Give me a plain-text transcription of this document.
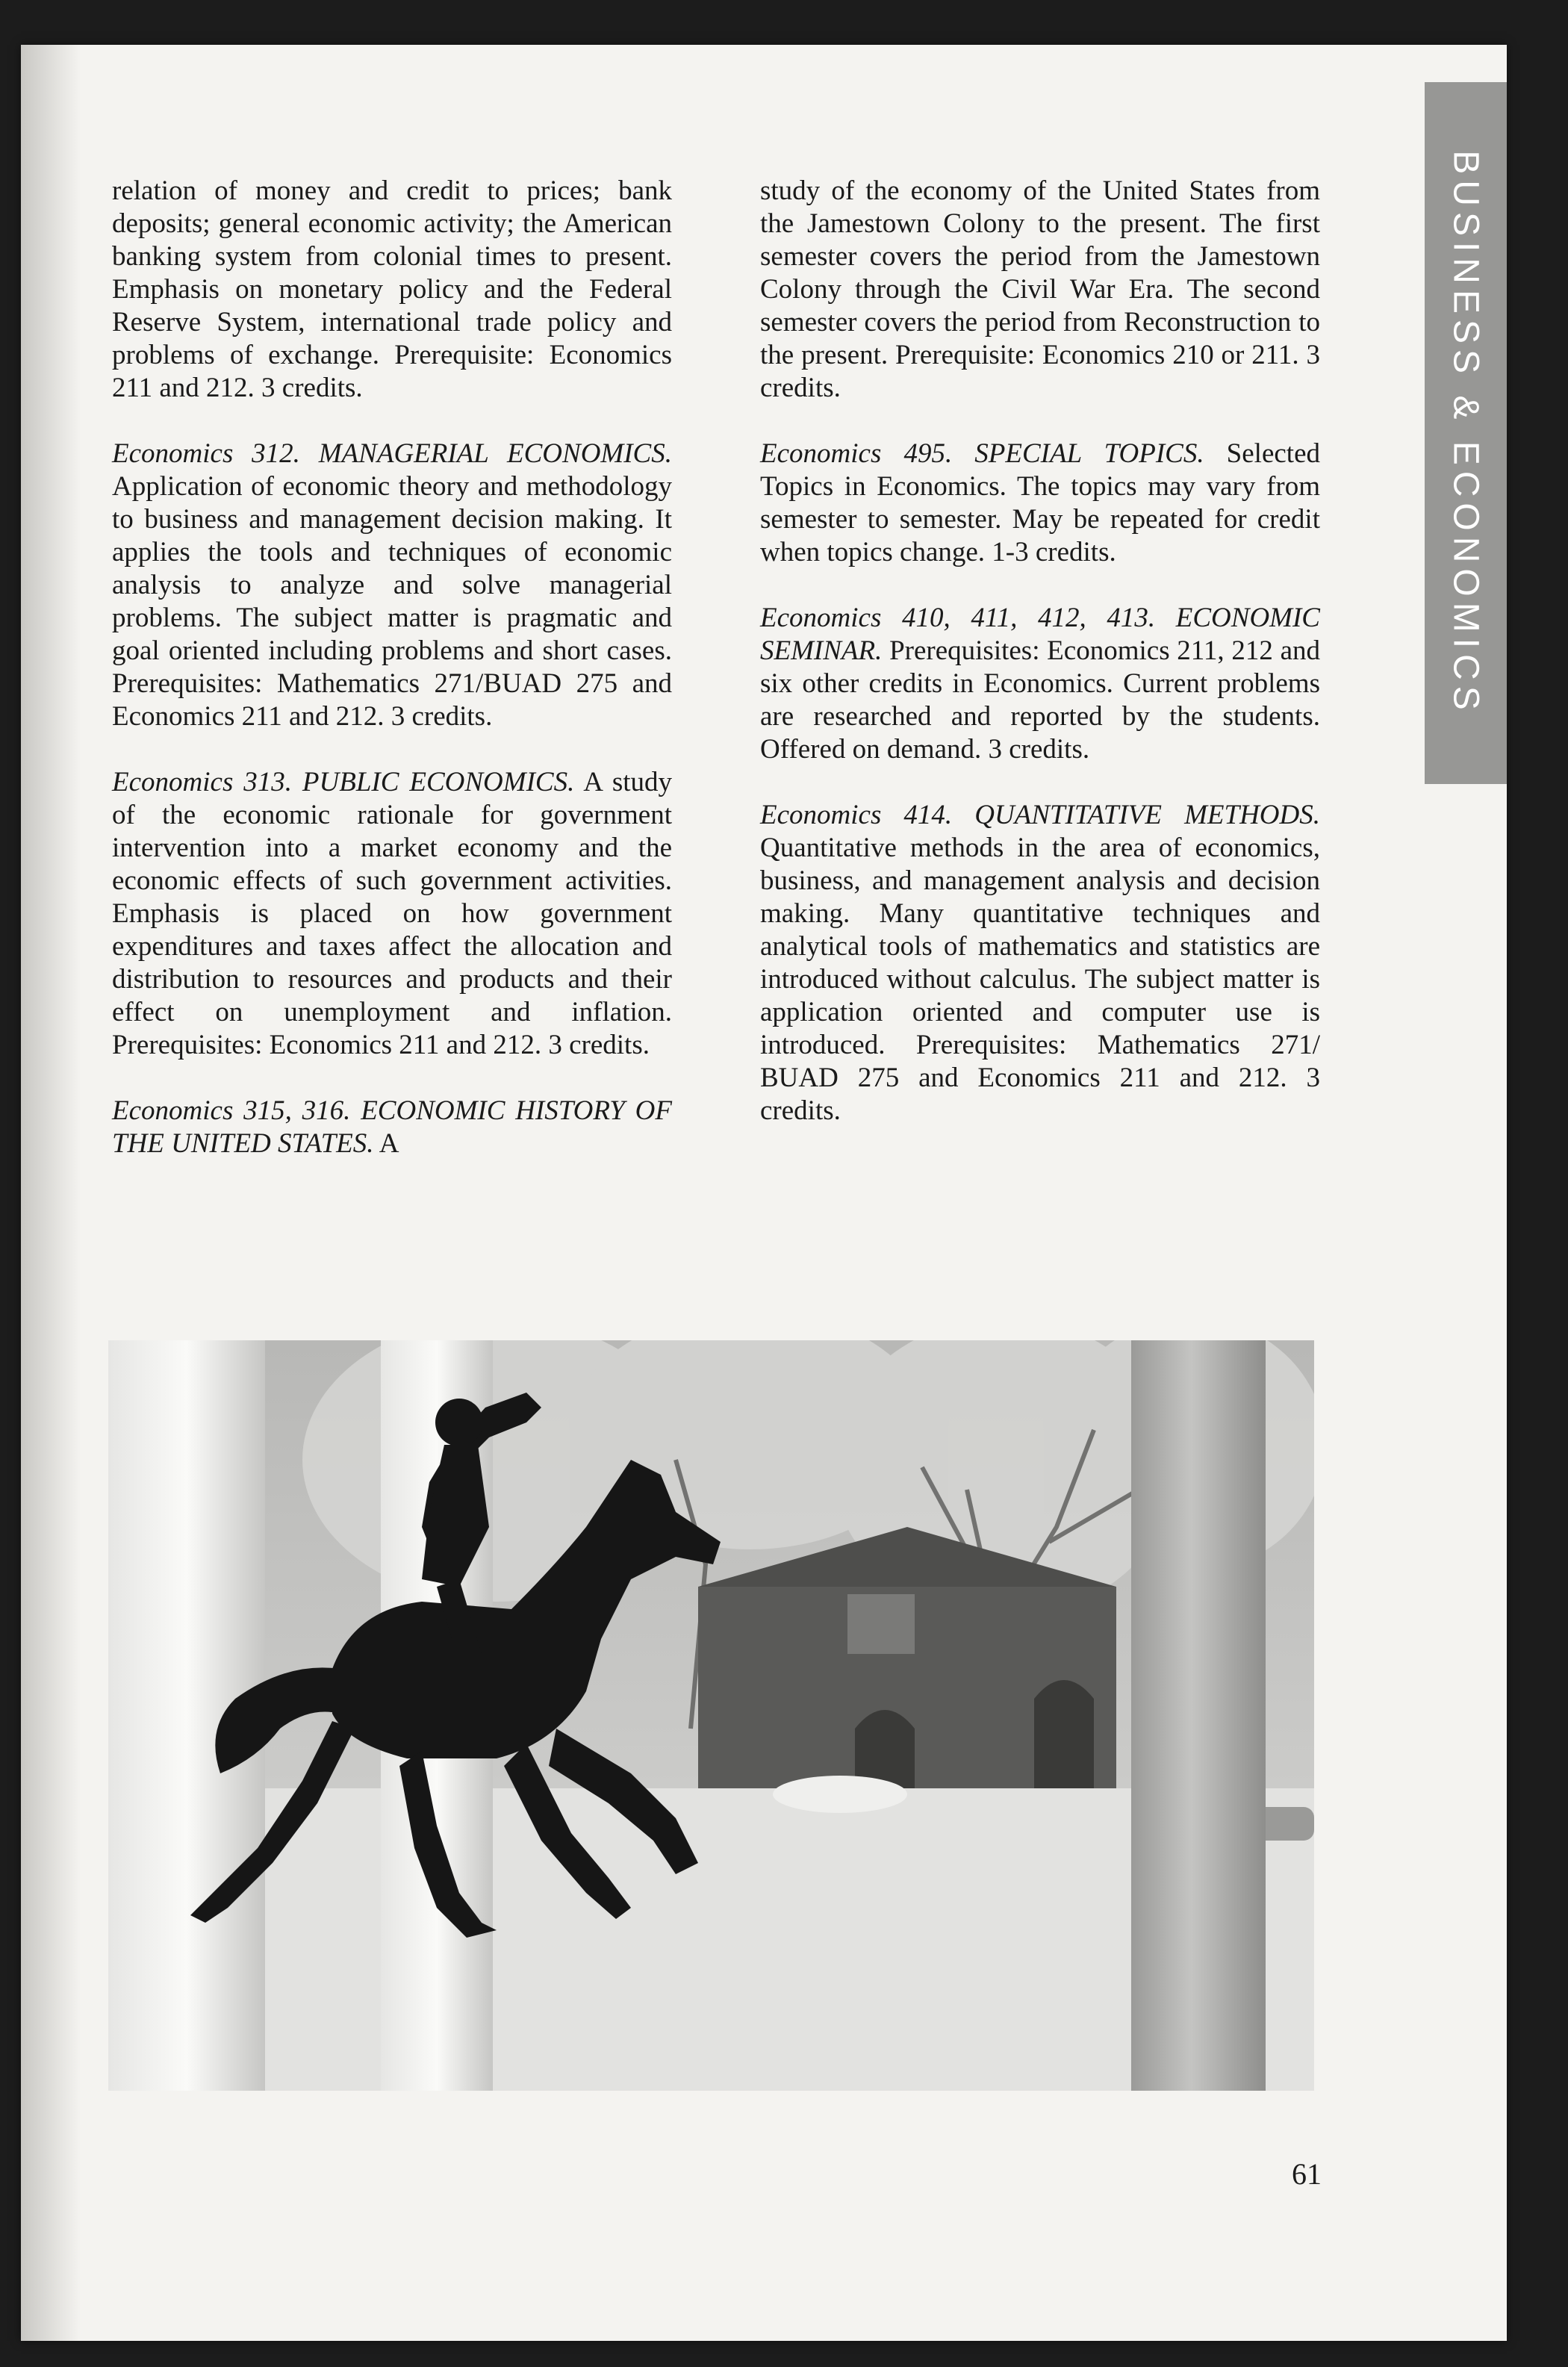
BUSINESS & ECONOMICS

relation of money and credit to prices; bank deposits; general economic activity; the American banking system from colonial times to present. Emphasis on monetary policy and the Federal Reserve System, international trade policy and problems of exchange. Prerequisite: Economics 211 and 212. 3 credits.

Economics 312. MANAGERIAL ECONOMICS. Application of economic theory and methodology to business and management decision making. It applies the tools and techniques of economic analysis to analyze and solve managerial problems. The subject matter is pragmatic and goal oriented including problems and short cases. Prerequisites: Mathematics 271/BUAD 275 and Economics 211 and 212. 3 credits.

Economics 313. PUBLIC ECONOMICS. A study of the economic rationale for government intervention into a market economy and the economic effects of such government activities. Emphasis is placed on how government expenditures and taxes affect the allocation and distribution to resources and products and their effect on unemployment and inflation. Prerequisites: Economics 211 and 212. 3 credits.

Economics 315, 316. ECONOMIC HISTORY OF THE UNITED STATES. A

study of the economy of the United States from the Jamestown Colony to the present. The first semester covers the period from the Jamestown Colony through the Civil War Era. The second semester covers the period from Reconstruction to the present. Prerequisite: Economics 210 or 211. 3 credits.

Economics 495. SPECIAL TOPICS. Selected Topics in Economics. The topics may vary from semester to semester. May be repeated for credit when topics change. 1-3 credits.

Economics 410, 411, 412, 413. ECONOMIC SEMINAR. Prerequisites: Economics 211, 212 and six other credits in Economics. Current problems are researched and reported by the students. Offered on demand. 3 credits.

Economics 414. QUANTITATIVE METHODS. Quantitative methods in the area of economics, business, and management analysis and decision making. Many quantitative techniques and analytical tools of mathematics and statistics are introduced without calculus. The subject matter is application oriented and computer use is introduced. Prerequisites: Mathematics 271/ BUAD 275 and Economics 211 and 212. 3 credits.

61
